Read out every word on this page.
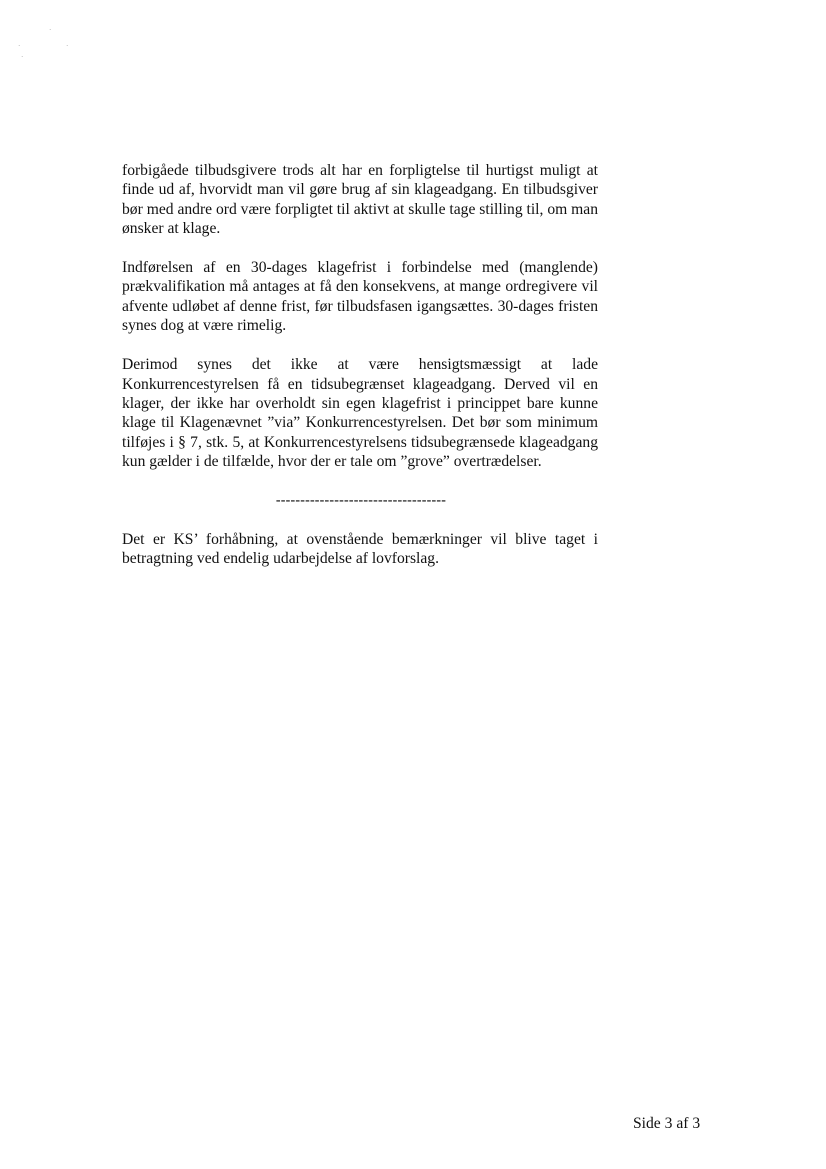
·
·	·
·

forbigåede tilbudsgivere trods alt har en forpligtelse til hurtigst muligt at finde ud af, hvorvidt man vil gøre brug af sin klageadgang. En tilbudsgiver bør med andre ord være forpligtet til aktivt at skulle tage stilling til, om man ønsker at klage.

Indførelsen af en 30-dages klagefrist i forbindelse med (manglende) prækvalifikation må antages at få den konsekvens, at mange ordregivere vil afvente udløbet af denne frist, før tilbudsfasen igangsættes. 30-dages fristen synes dog at være rimelig.

Derimod synes det ikke at være hensigtsmæssigt at lade Konkurrencestyrelsen få en tidsubegrænset klageadgang. Derved vil en klager, der ikke har overholdt sin egen klagefrist i princippet bare kunne klage til Klagenævnet ”via” Konkurrencestyrelsen. Det bør som minimum tilføjes i § 7, stk. 5, at Konkurrencestyrelsens tidsubegrænsede klageadgang kun gælder i de tilfælde, hvor der er tale om ”grove” overtrædelser.

-----------------------------------

Det er KS’ forhåbning, at ovenstående bemærkninger vil blive taget i betragtning ved endelig udarbejdelse af lovforslag.

Side 3 af 3
